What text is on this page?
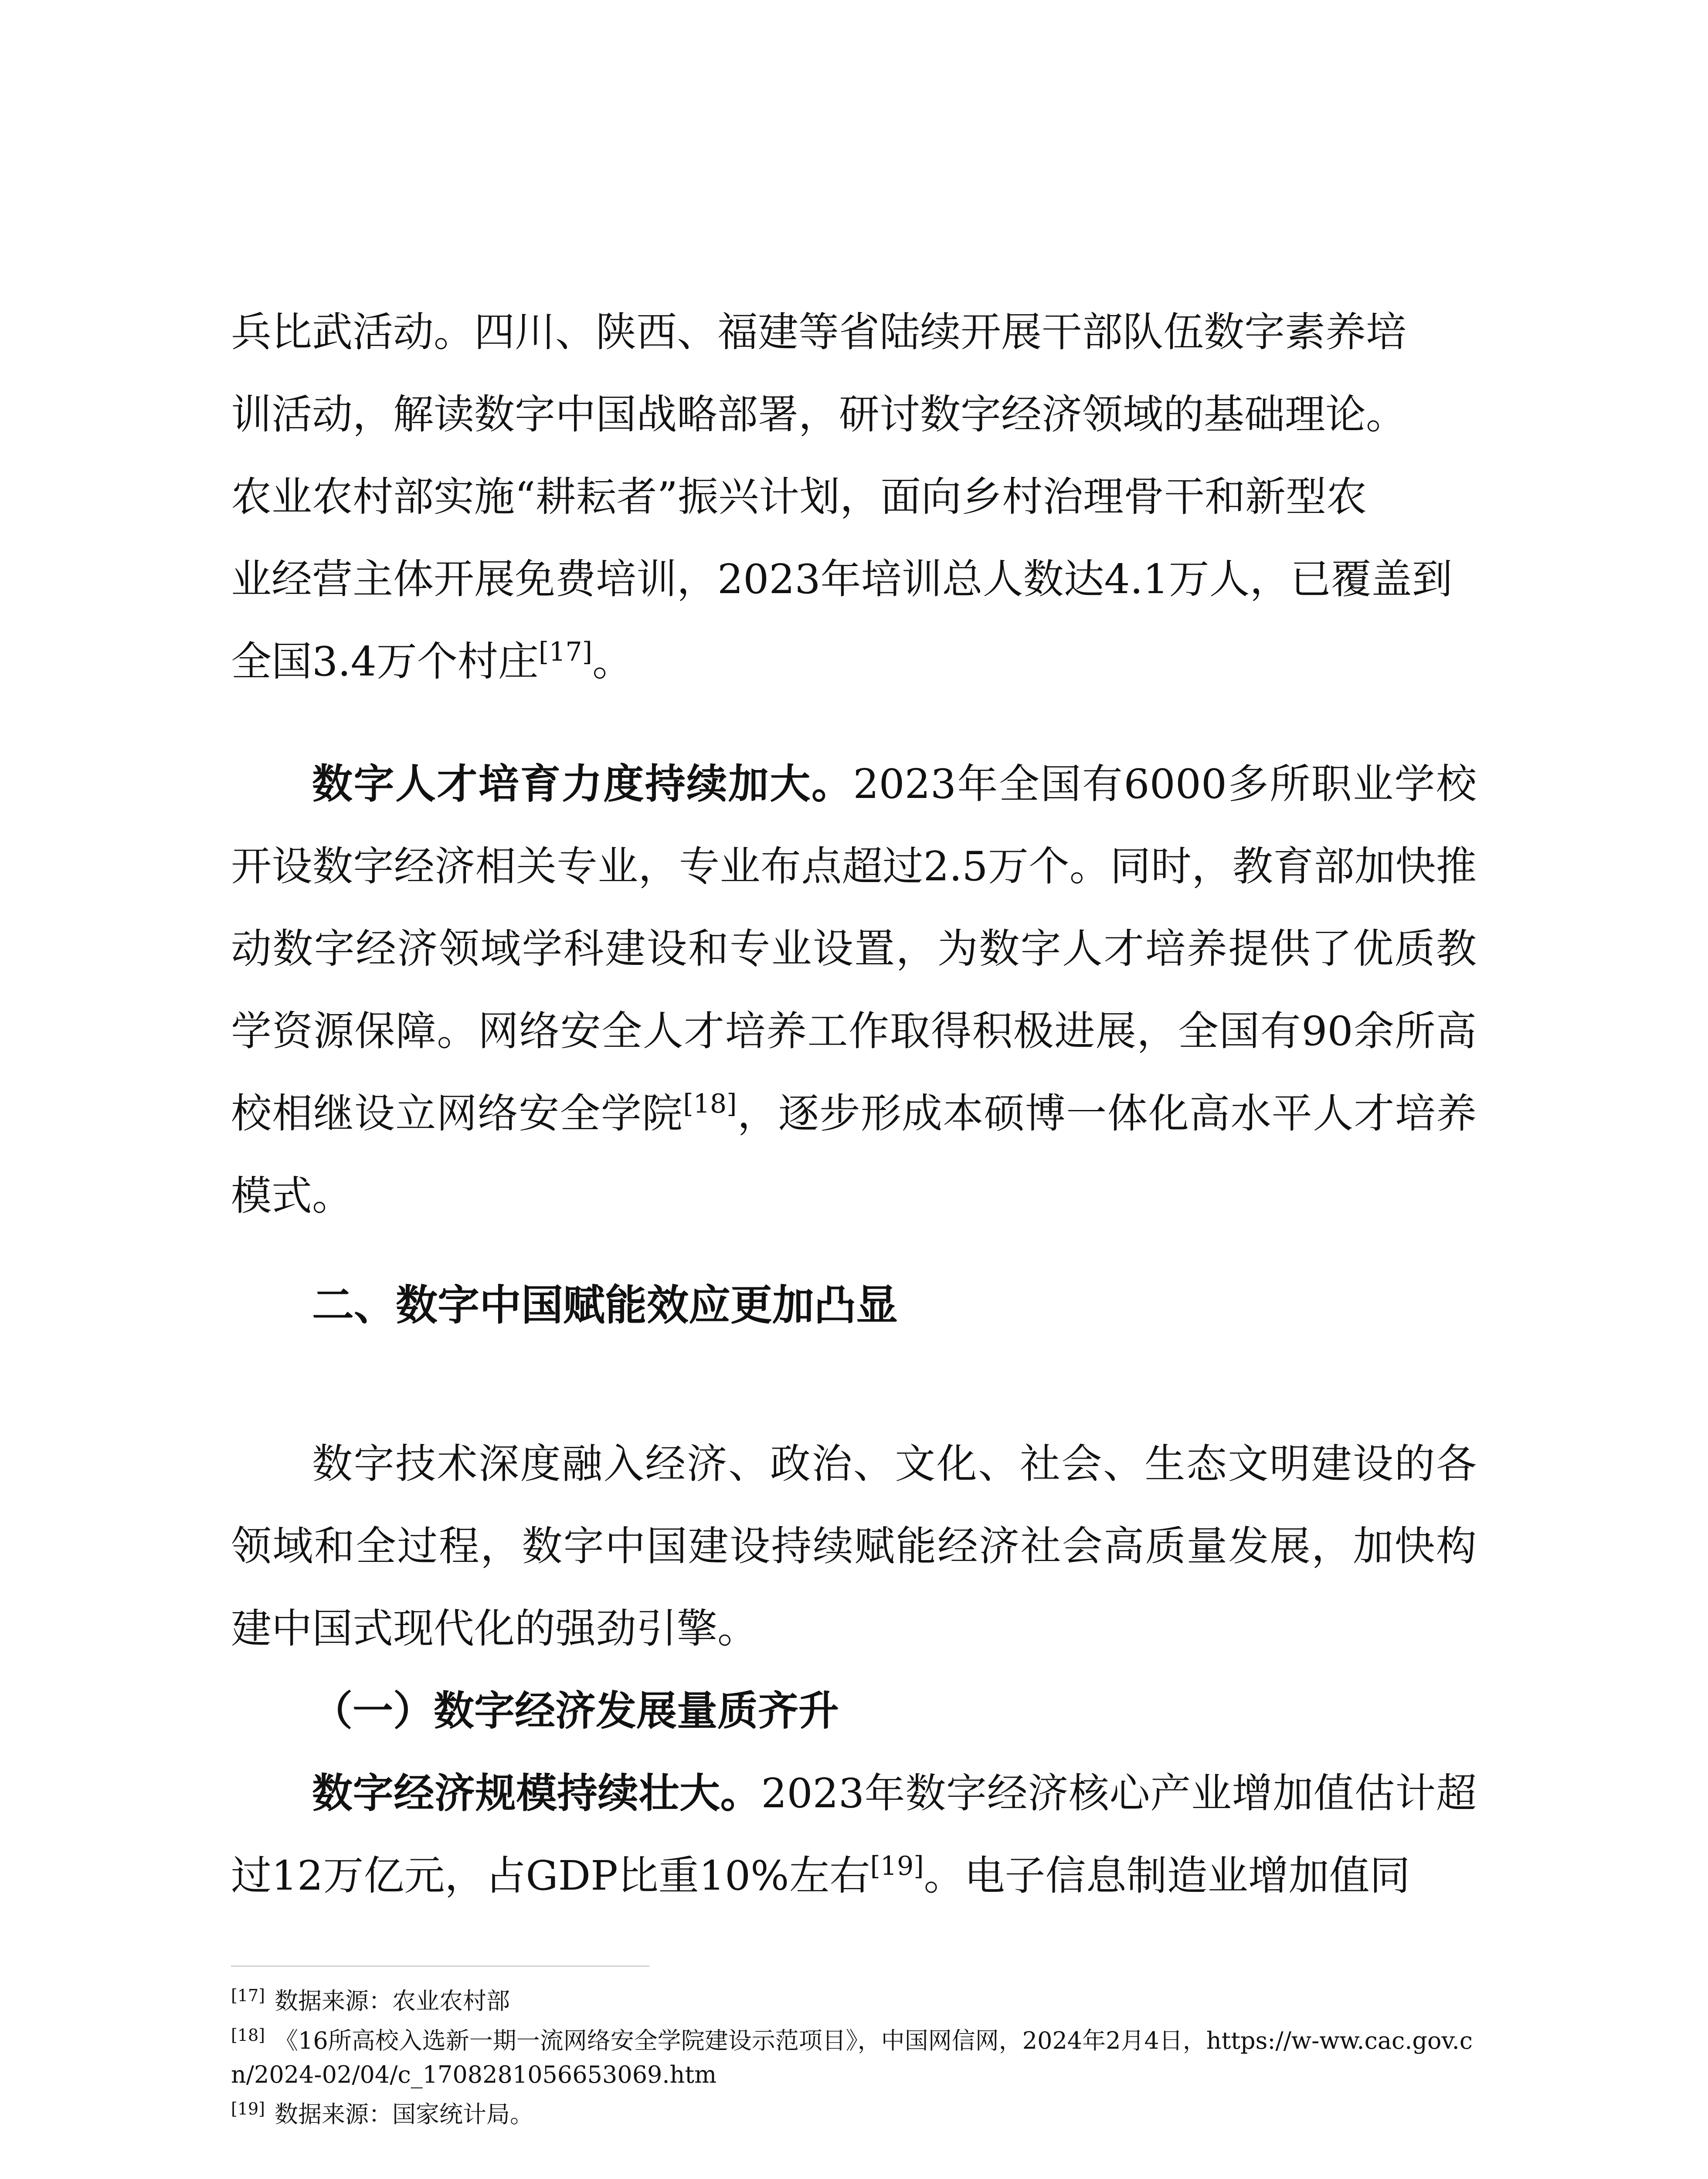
兵比武活动。四川、陕西、福建等省陆续开展干部队伍数字素养培

训活动，解读数字中国战略部署，研讨数字经济领域的基础理论。

农业农村部实施“耕耘者”振兴计划，面向乡村治理骨干和新型农

业经营主体开展免费培训，2023年培训总人数达4.1万人，已覆盖到

全国3.4万个村庄[17]。

数字人才培育力度持续加大。2023年全国有6000多所职业学校开设数字经济相关专业，专业布点超过2.5万个。同时，教育部加快推动数字经济领域学科建设和专业设置，为数字人才培养提供了优质教学资源保障。网络安全人才培养工作取得积极进展，全国有90余所高校相继设立网络安全学院[18]，逐步形成本硕博一体化高水平人才培养模式。

二、数字中国赋能效应更加凸显

数字技术深度融入经济、政治、文化、社会、生态文明建设的各领域和全过程，数字中国建设持续赋能经济社会高质量发展，加快构建中国式现代化的强劲引擎。

（一）数字经济发展量质齐升

数字经济规模持续壮大。2023年数字经济核心产业增加值估计超过12万亿元，占GDP比重10%左右[19]。电子信息制造业增加值同

[17] 数据来源：农业农村部

[18] 《16所高校入选新一期一流网络安全学院建设示范项目》，中国网信网，2024年2月4日，https://w-ww.cac.gov.cn/2024-02/04/c_1708281056653069.htm

[19] 数据来源：国家统计局。
